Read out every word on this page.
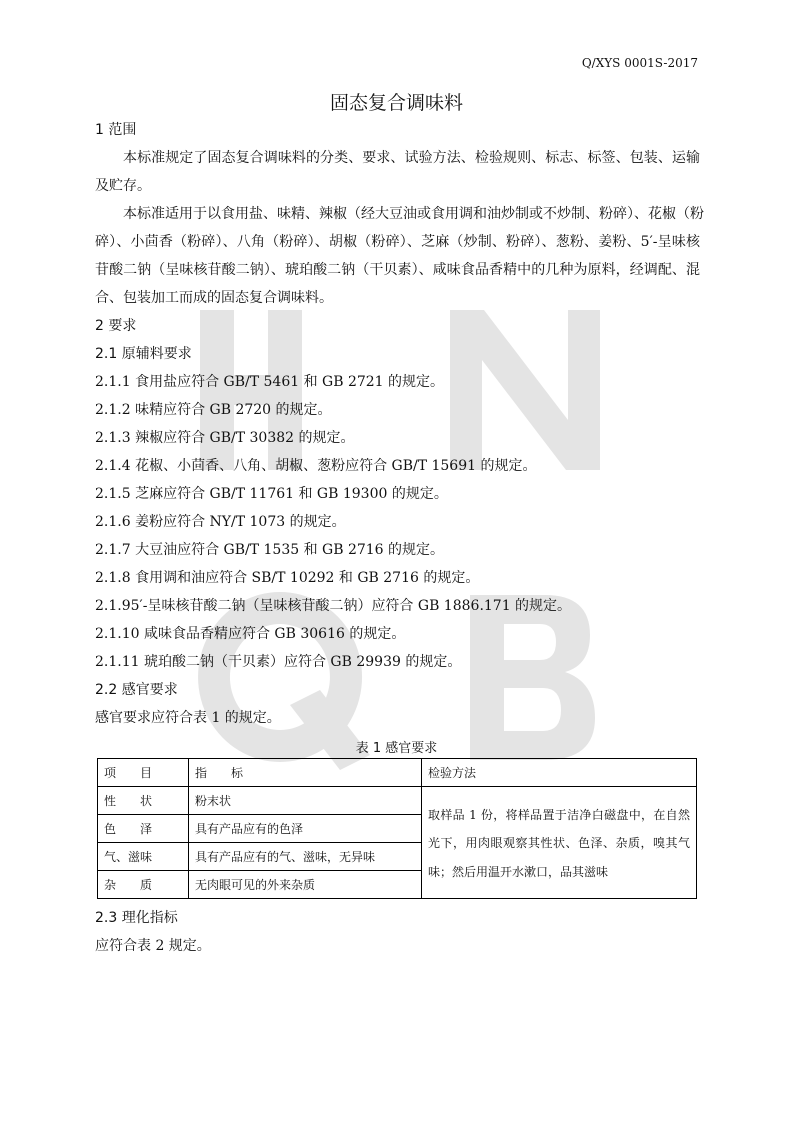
Q/XYS 0001S-2017
固态复合调味料
1 范围
本标准规定了固态复合调味料的分类、要求、试验方法、检验规则、标志、标签、包装、运输
及贮存。
本标准适用于以食用盐、味精、辣椒（经大豆油或食用调和油炒制或不炒制、粉碎）、花椒（粉
碎）、小茴香（粉碎）、八角（粉碎）、胡椒（粉碎）、芝麻（炒制、粉碎）、葱粉、姜粉、5′-呈味核
苷酸二钠（呈味核苷酸二钠）、琥珀酸二钠（干贝素）、咸味食品香精中的几种为原料，经调配、混
合、包装加工而成的固态复合调味料。
2 要求
2.1 原辅料要求
2.1.1 食用盐应符合 GB/T 5461 和 GB 2721 的规定。
2.1.2 味精应符合 GB 2720 的规定。
2.1.3 辣椒应符合 GB/T 30382 的规定。
2.1.4 花椒、小茴香、八角、胡椒、葱粉应符合 GB/T 15691 的规定。
2.1.5 芝麻应符合 GB/T 11761 和 GB 19300 的规定。
2.1.6 姜粉应符合 NY/T 1073 的规定。
2.1.7 大豆油应符合 GB/T 1535 和 GB 2716 的规定。
2.1.8 食用调和油应符合 SB/T 10292 和 GB 2716 的规定。
2.1.95′-呈味核苷酸二钠（呈味核苷酸二钠）应符合 GB 1886.171 的规定。
2.1.10 咸味食品香精应符合 GB 30616 的规定。
2.1.11 琥珀酸二钠（干贝素）应符合 GB 29939 的规定。
2.2 感官要求
感官要求应符合表 1 的规定。
表 1 感官要求
项　　目	指　　标	检验方法
性　　状	粉末状	取样品 1 份，将样品置于洁净白磁盘中，在自然光下，用肉眼观察其性状、色泽、杂质，嗅其气味；然后用温开水漱口，品其滋味
色　　泽	具有产品应有的色泽	
气、滋味	具有产品应有的气、滋味，无异味	
杂　　质	无肉眼可见的外来杂质	
2.3 理化指标
应符合表 2 规定。
